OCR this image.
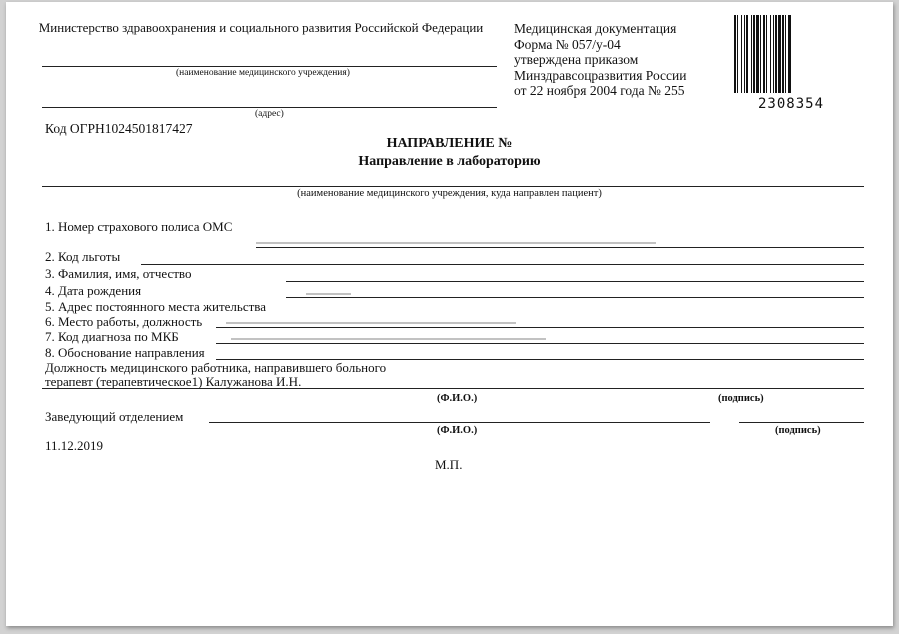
Министерство здравоохранения и социального развития Российской Федерации
(наименование медицинского учреждения)
(адрес)
Медицинская документация
Форма № 057/у-04
утверждена приказом
Минздравсоцразвития России
от 22 ноября 2004 года № 255
2308354
Код ОГРН1024501817427
НАПРАВЛЕНИЕ №
Направление в лабораторию
(наименование медицинского учреждения, куда направлен пациент)
1. Номер страхового полиса ОМС
2. Код льготы
3. Фамилия, имя, отчество
4. Дата рождения
5. Адрес постоянного места жительства
6. Место работы, должность
7. Код диагноза по МКБ
8. Обоснование направления
Должность медицинского работника, направившего больного
терапевт (терапевтическое1) Калужанова И.Н.
(Ф.И.О.)	(подпись)
Заведующий отделением
(Ф.И.О.)	(подпись)
11.12.2019
М.П.
